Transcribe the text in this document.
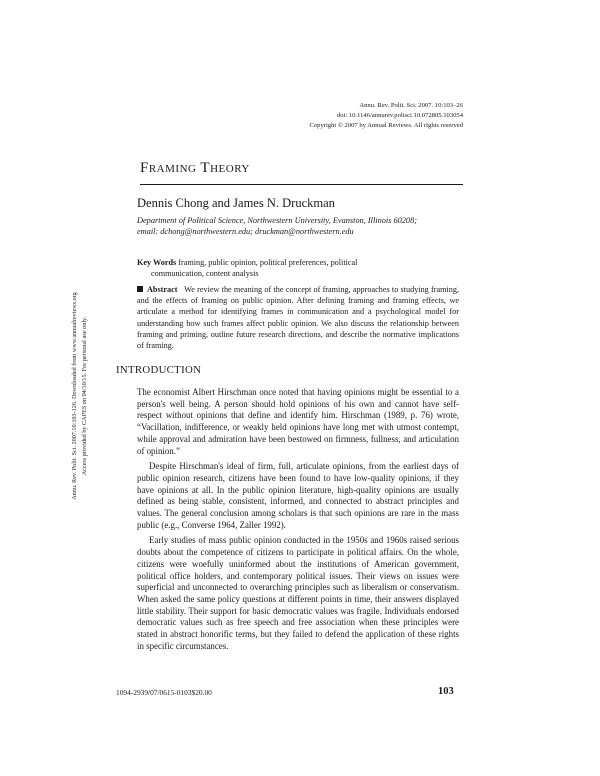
Annu. Rev. Polit. Sci. 2007. 10:103–26
doi: 10.1146/annurev.polisci.10.072805.103054
Copyright © 2007 by Annual Reviews. All rights reserved
Framing Theory
Dennis Chong and James N. Druckman
Department of Political Science, Northwestern University, Evanston, Illinois 60208;
email: dchong@northwestern.edu; druckman@northwestern.edu
Key Words framing, public opinion, political preferences, political
communication, content analysis
Abstract We review the meaning of the concept of framing, approaches to studying framing, and the effects of framing on public opinion. After defining framing and framing effects, we articulate a method for identifying frames in communication and a psychological model for understanding how such frames affect public opinion. We also discuss the relationship between framing and priming, outline future research directions, and describe the normative implications of framing.
INTRODUCTION

The economist Albert Hirschman once noted that having opinions might be essential to a person's well being. A person should hold opinions of his own and cannot have self-respect without opinions that define and identify him. Hirschman (1989, p. 76) wrote, “Vacillation, indifference, or weakly held opinions have long met with utmost contempt, while approval and admiration have been bestowed on firmness, fullness, and articulation of opinion.”

Despite Hirschman's ideal of firm, full, articulate opinions, from the earliest days of public opinion research, citizens have been found to have low-quality opinions, if they have opinions at all. In the public opinion literature, high-quality opinions are usually defined as being stable, consistent, informed, and connected to abstract principles and values. The general conclusion among scholars is that such opinions are rare in the mass public (e.g., Converse 1964, Zaller 1992).

Early studies of mass public opinion conducted in the 1950s and 1960s raised serious doubts about the competence of citizens to participate in political affairs. On the whole, citizens were woefully uninformed about the institutions of American government, political office holders, and contemporary political issues. Their views on issues were superficial and unconnected to overarching principles such as liberalism or conservatism. When asked the same policy questions at different points in time, their answers displayed little stability. Their support for basic democratic values was fragile. Individuals endorsed democratic values such as free speech and free association when these principles were stated in abstract honorific terms, but they failed to defend the application of these rights in specific circumstances.

1094-2939/07/0615-0103$20.00	103
Annu. Rev. Polit. Sci. 2007.10:103-126. Downloaded from www.annualreviews.org Access provided by CAPES on 04/10/15. For personal use only.
